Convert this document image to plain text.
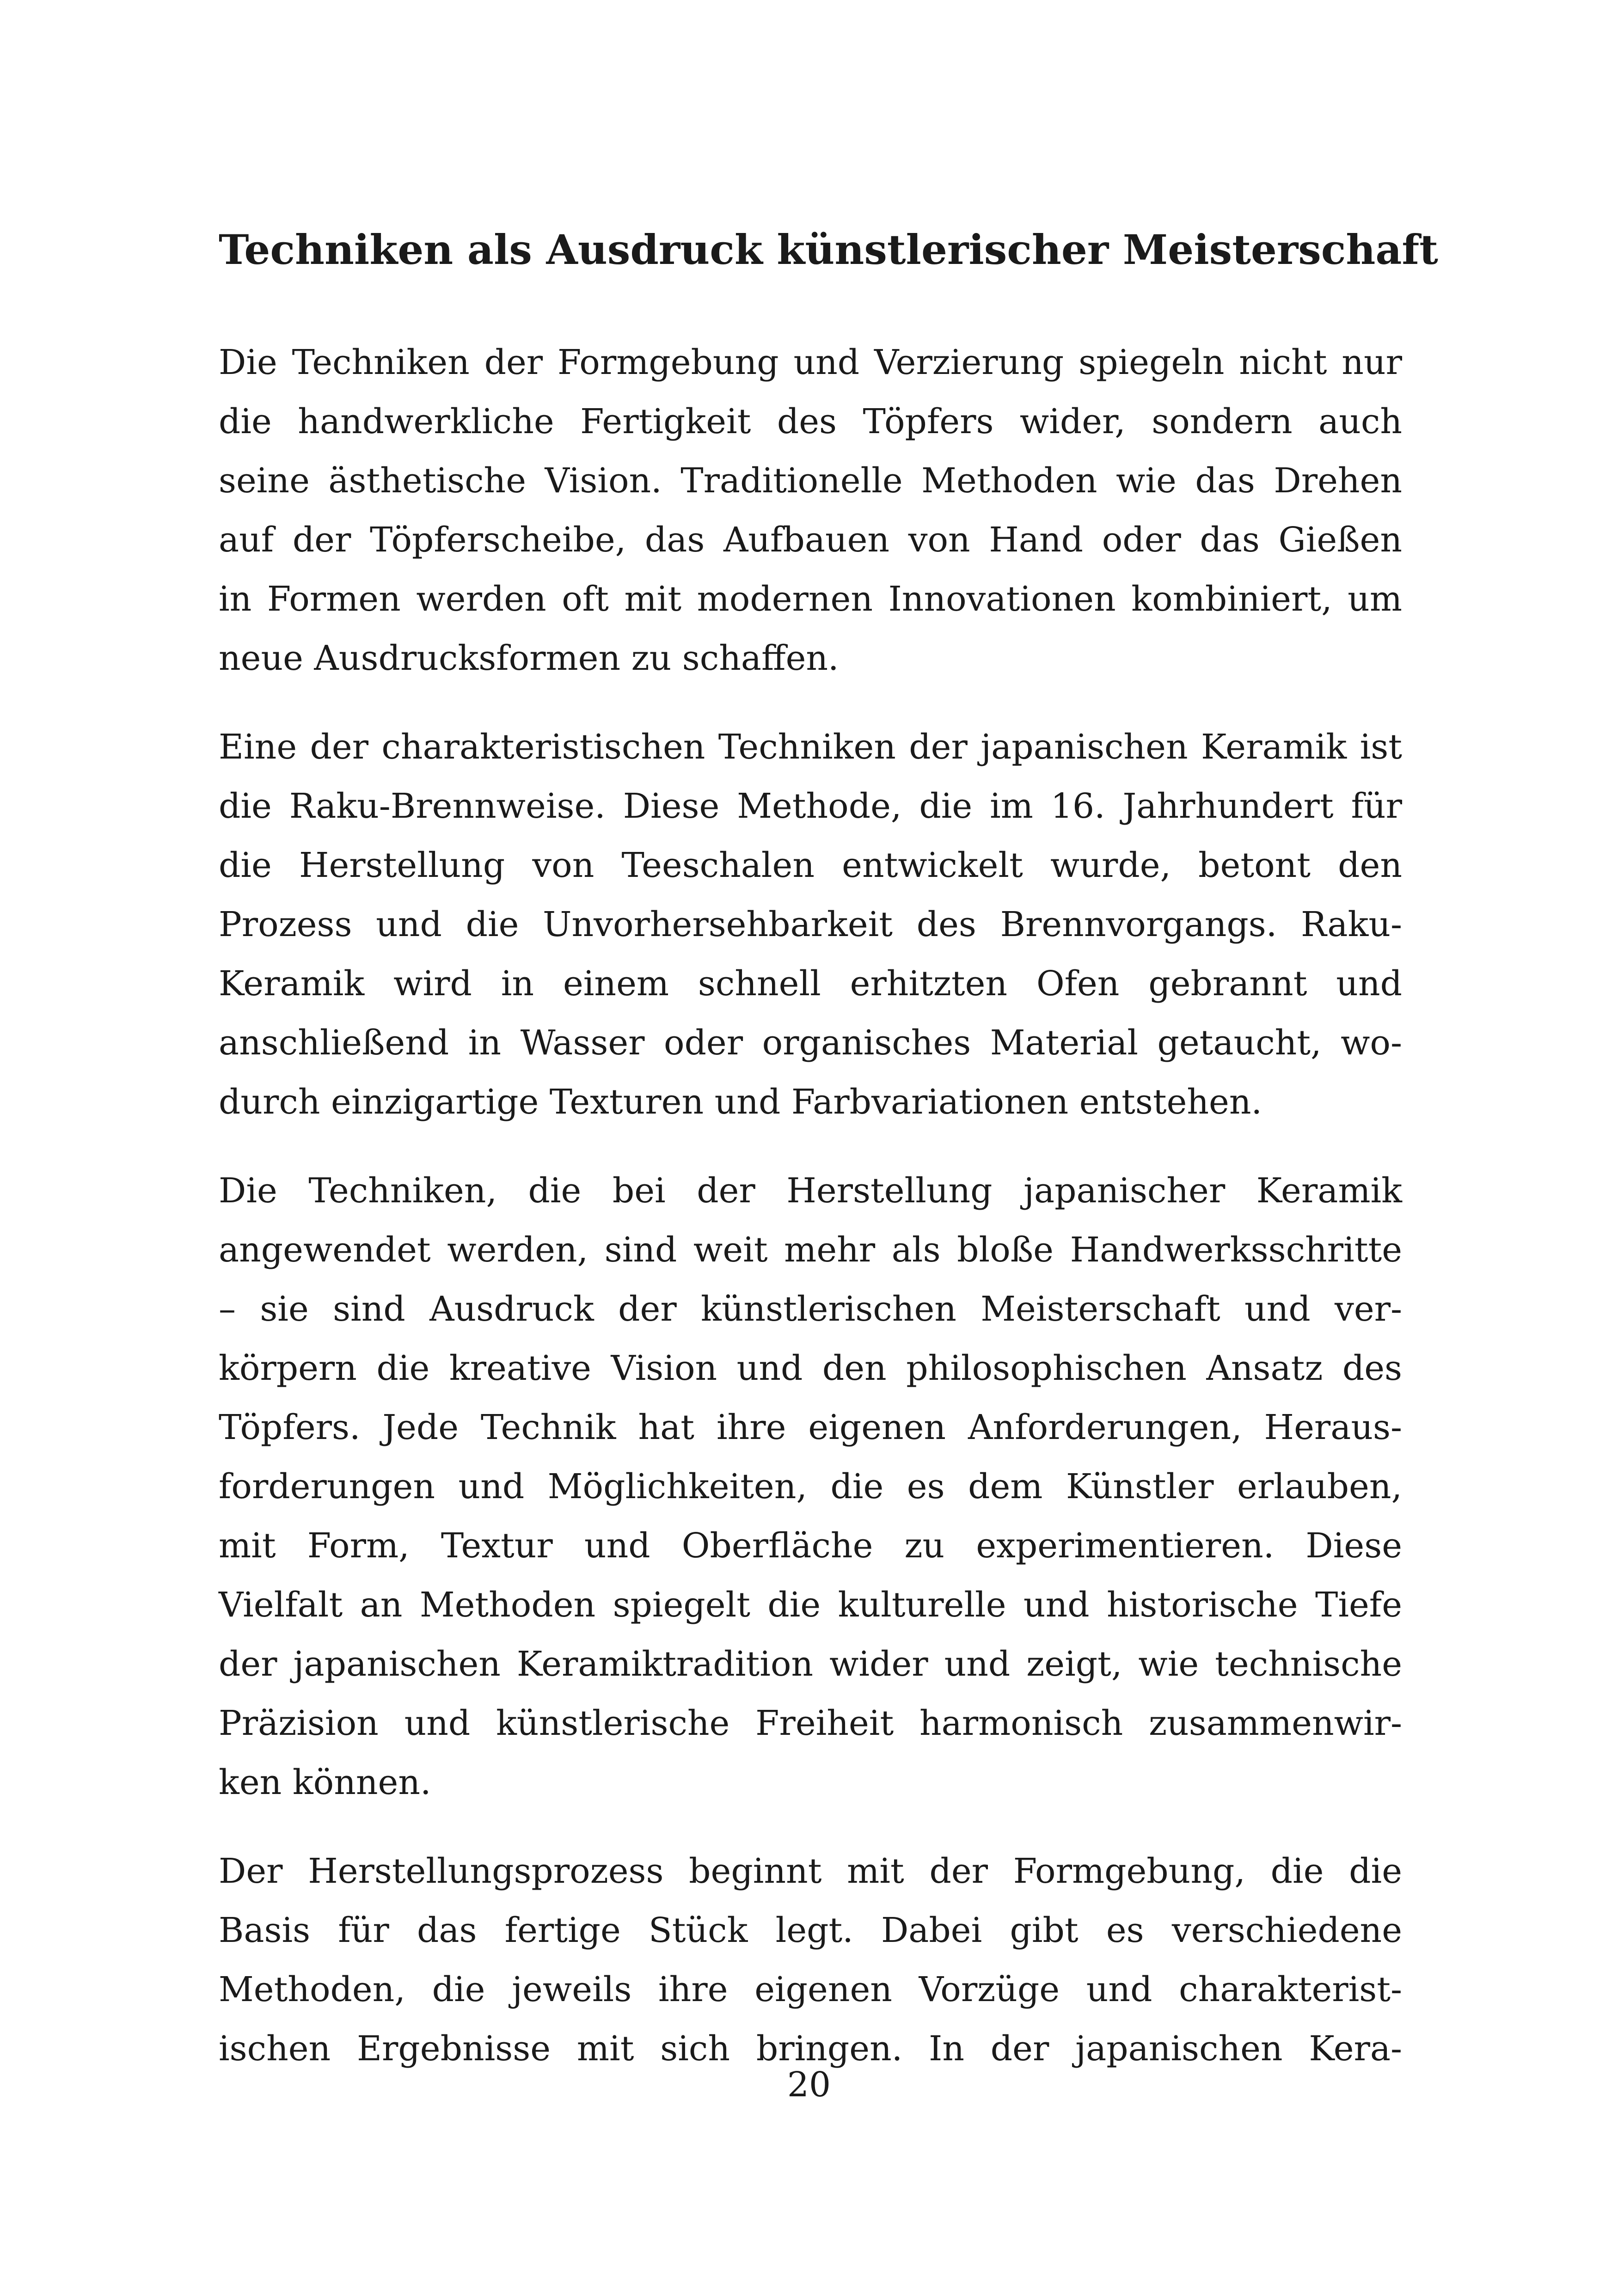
Techniken als Ausdruck künstlerischer Meisterschaft

Die Techniken der Formgebung und Verzierung spiegeln nicht nur
die handwerkliche Fertigkeit des Töpfers wider, sondern auch
seine ästhetische Vision. Traditionelle Methoden wie das Drehen
auf der Töpferscheibe, das Aufbauen von Hand oder das Gießen
in Formen werden oft mit modernen Innovationen kombiniert, um
neue Ausdrucksformen zu schaffen.

Eine der charakteristischen Techniken der japanischen Keramik ist
die Raku-Brennweise. Diese Methode, die im 16. Jahrhundert für
die Herstellung von Teeschalen entwickelt wurde, betont den
Prozess und die Unvorhersehbarkeit des Brennvorgangs. Raku-
Keramik wird in einem schnell erhitzten Ofen gebrannt und
anschließend in Wasser oder organisches Material getaucht, wo-
durch einzigartige Texturen und Farbvariationen entstehen.

Die Techniken, die bei der Herstellung japanischer Keramik
angewendet werden, sind weit mehr als bloße Handwerksschritte
– sie sind Ausdruck der künstlerischen Meisterschaft und ver-
körpern die kreative Vision und den philosophischen Ansatz des
Töpfers. Jede Technik hat ihre eigenen Anforderungen, Heraus-
forderungen und Möglichkeiten, die es dem Künstler erlauben,
mit Form, Textur und Oberfläche zu experimentieren. Diese
Vielfalt an Methoden spiegelt die kulturelle und historische Tiefe
der japanischen Keramiktradition wider und zeigt, wie technische
Präzision und künstlerische Freiheit harmonisch zusammenwir-
ken können.

Der Herstellungsprozess beginnt mit der Formgebung, die die
Basis für das fertige Stück legt. Dabei gibt es verschiedene
Methoden, die jeweils ihre eigenen Vorzüge und charakterist-
ischen Ergebnisse mit sich bringen. In der japanischen Kera-

20
